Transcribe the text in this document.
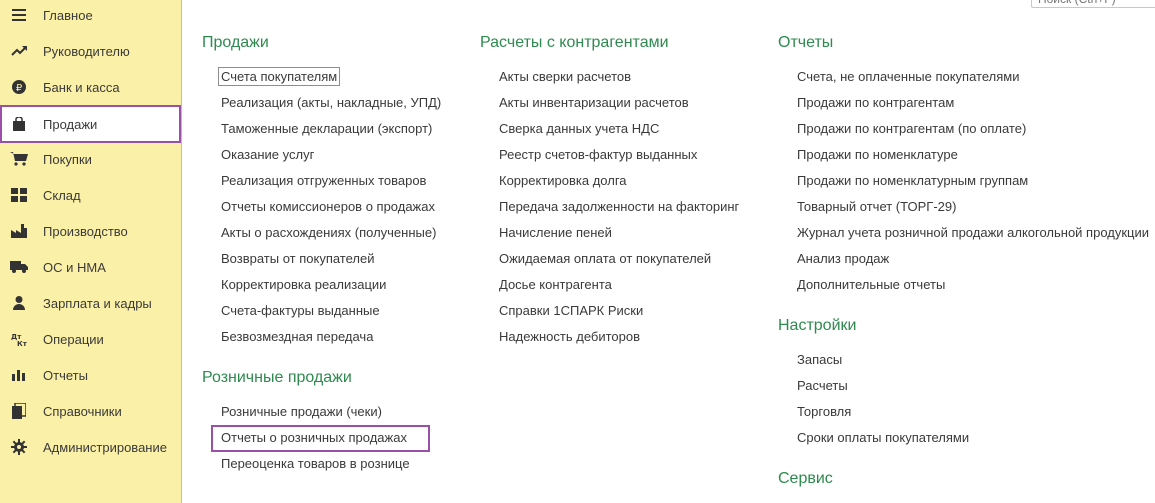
Главное
Руководителю
₽ Банк и касса
Продажи
Покупки
Склад
Производство
ОС и НМА
Зарплата и кадры
Дт
Кт Операции
Отчеты
Справочники
Администрирование
Поиск (Ctrl+F)
Продажи
Счета покупателям
Реализация (акты, накладные, УПД)
Таможенные декларации (экспорт)
Оказание услуг
Реализация отгруженных товаров
Отчеты комиссионеров о продажах
Акты о расхождениях (полученные)
Возвраты от покупателей
Корректировка реализации
Счета-фактуры выданные
Безвозмездная передача
Розничные продажи
Розничные продажи (чеки)
Отчеты о розничных продажах
Переоценка товаров в рознице
Расчеты с контрагентами
Акты сверки расчетов
Акты инвентаризации расчетов
Сверка данных учета НДС
Реестр счетов-фактур выданных
Корректировка долга
Передача задолженности на факторинг
Начисление пеней
Ожидаемая оплата от покупателей
Досье контрагента
Справки 1СПАРК Риски
Надежность дебиторов
Отчеты
Счета, не оплаченные покупателями
Продажи по контрагентам
Продажи по контрагентам (по оплате)
Продажи по номенклатуре
Продажи по номенклатурным группам
Товарный отчет (ТОРГ-29)
Журнал учета розничной продажи алкогольной продукции
Анализ продаж
Дополнительные отчеты
Настройки
Запасы
Расчеты
Торговля
Сроки оплаты покупателями
Сервис
